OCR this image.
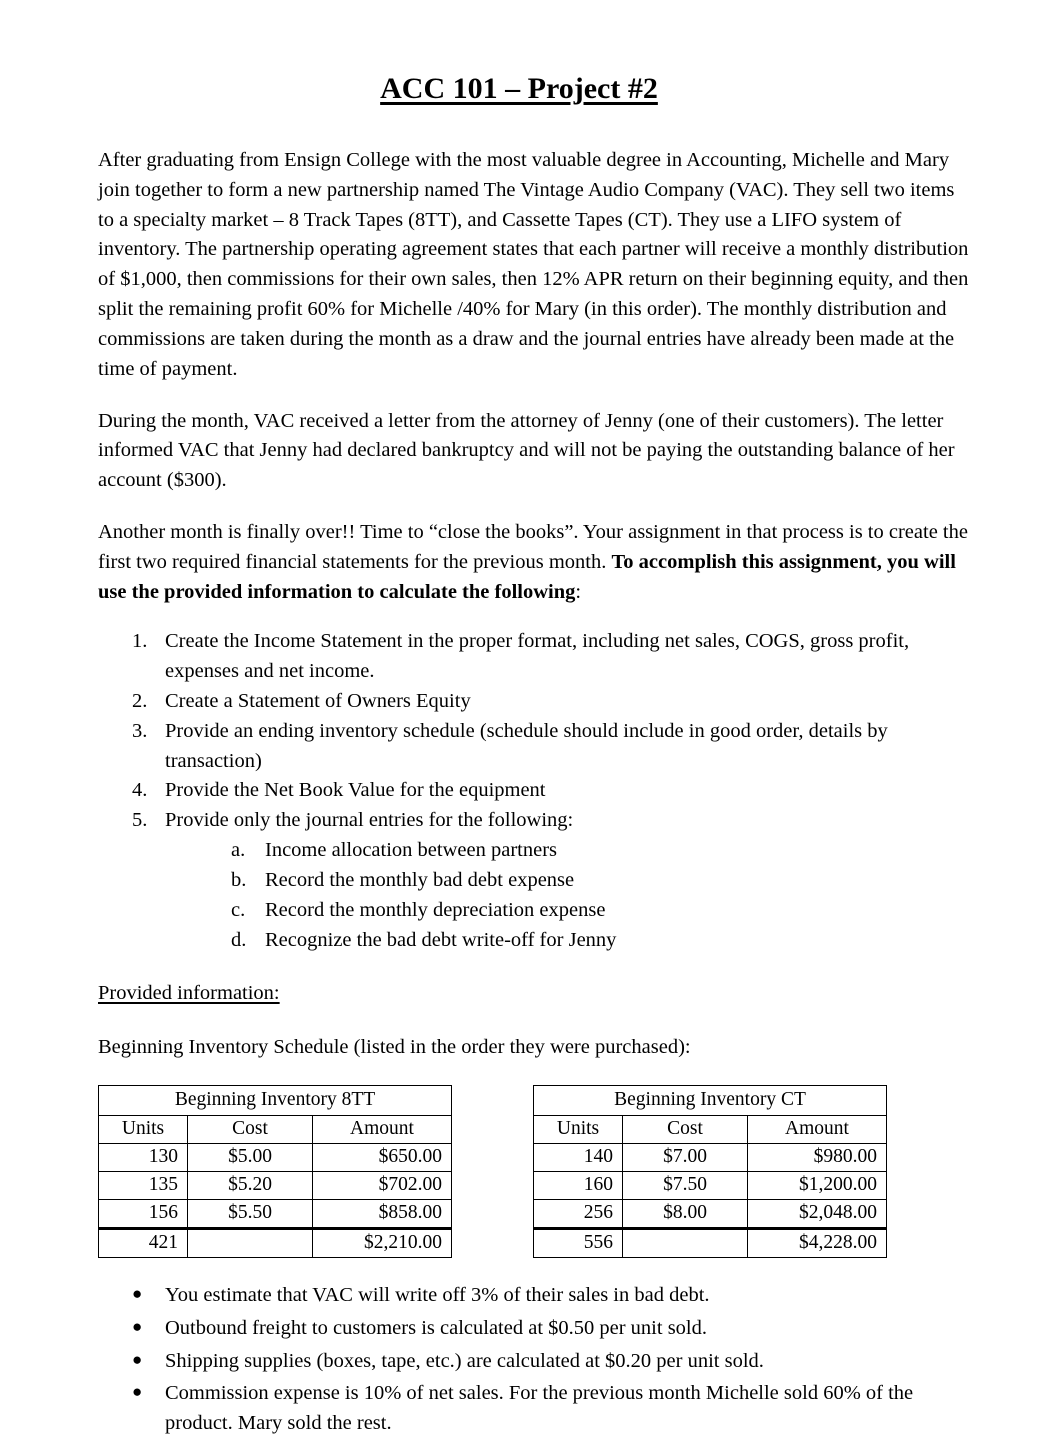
ACC 101 – Project #2

After graduating from Ensign College with the most valuable degree in Accounting, Michelle and Mary join together to form a new partnership named The Vintage Audio Company (VAC). They sell two items to a specialty market – 8 Track Tapes (8TT), and Cassette Tapes (CT). They use a LIFO system of inventory. The partnership operating agreement states that each partner will receive a monthly distribution of $1,000, then commissions for their own sales, then 12% APR return on their beginning equity, and then split the remaining profit 60% for Michelle /40% for Mary (in this order). The monthly distribution and commissions are taken during the month as a draw and the journal entries have already been made at the time of payment.

During the month, VAC received a letter from the attorney of Jenny (one of their customers). The letter informed VAC that Jenny had declared bankruptcy and will not be paying the outstanding balance of her account ($300).

Another month is finally over!! Time to “close the books”. Your assignment in that process is to create the first two required financial statements for the previous month. To accomplish this assignment, you will use the provided information to calculate the following:

1. Create the Income Statement in the proper format, including net sales, COGS, gross profit, expenses and net income.
2. Create a Statement of Owners Equity
3. Provide an ending inventory schedule (schedule should include in good order, details by transaction)
4. Provide the Net Book Value for the equipment
5. Provide only the journal entries for the following:
a. Income allocation between partners
b. Record the monthly bad debt expense
c. Record the monthly depreciation expense
d. Recognize the bad debt write-off for Jenny
Provided information:
Beginning Inventory Schedule (listed in the order they were purchased):
Beginning Inventory 8TT		
Units	Cost	Amount
130	$5.00	$650.00
135	$5.20	$702.00
156	$5.50	$858.00
421		$2,210.00
Beginning Inventory CT		
Units	Cost	Amount
140	$7.00	$980.00
160	$7.50	$1,200.00
256	$8.00	$2,048.00
556		$4,228.00
● You estimate that VAC will write off 3% of their sales in bad debt.
● Outbound freight to customers is calculated at $0.50 per unit sold.
● Shipping supplies (boxes, tape, etc.) are calculated at $0.20 per unit sold.
● Commission expense is 10% of net sales. For the previous month Michelle sold 60% of the product. Mary sold the rest.
